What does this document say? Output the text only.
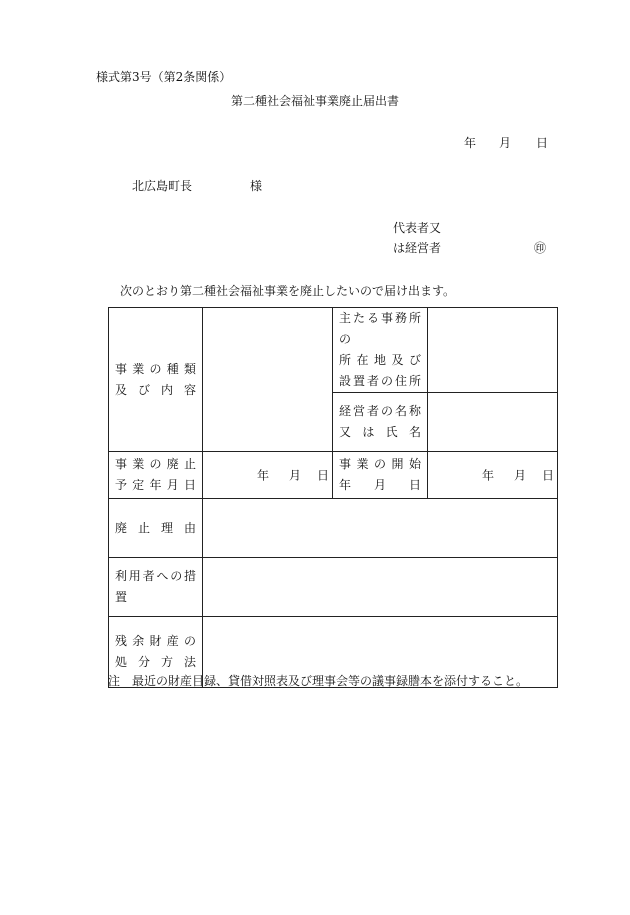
様式第3号（第2条関係）
第二種社会福祉事業廃止届出書
年 月 日
北広島町長	様
代表者又
は経営者	㊞
次のとおり第二種社会福祉事業を廃止したいので届け出ます。
事業の種類
及び内容		主たる事務所の
所在地及び
設置者の住所	

		経営者の名称
又は氏名	

事業の廃止
予定年月日	年 月 日	事業の開始
年月日	年 月 日

廃止理由			

利用者への措置			

残余財産の
処分方法			

注　最近の財産目録、貸借対照表及び理事会等の議事録謄本を添付すること。
